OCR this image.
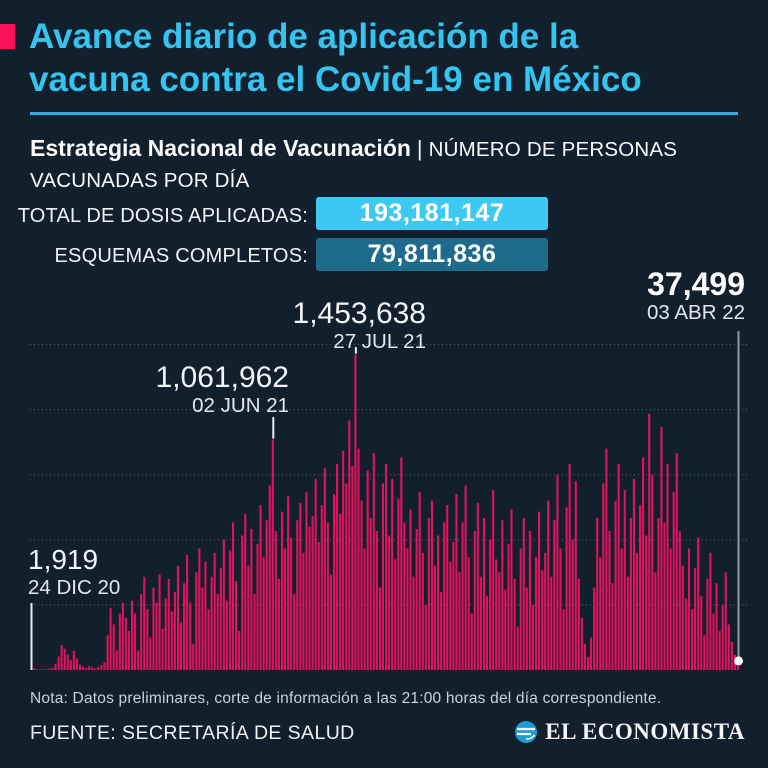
Avance diario de aplicación de la
vacuna contra el Covid-19 en México
Estrategia Nacional de Vacunación | NÚMERO DE PERSONAS VACUNADAS POR DÍA
TOTAL DE DOSIS APLICADAS:	193,181,147
ESQUEMAS COMPLETOS:	79,811,836
1,919
24 DIC 20
1,061,962
02 JUN 21
1,453,638
27 JUL 21
37,499
03 ABR 22
Nota: Datos preliminares, corte de información a las 21:00 horas del día correspondiente.
FUENTE: SECRETARÍA DE SALUD	EL ECONOMISTA
